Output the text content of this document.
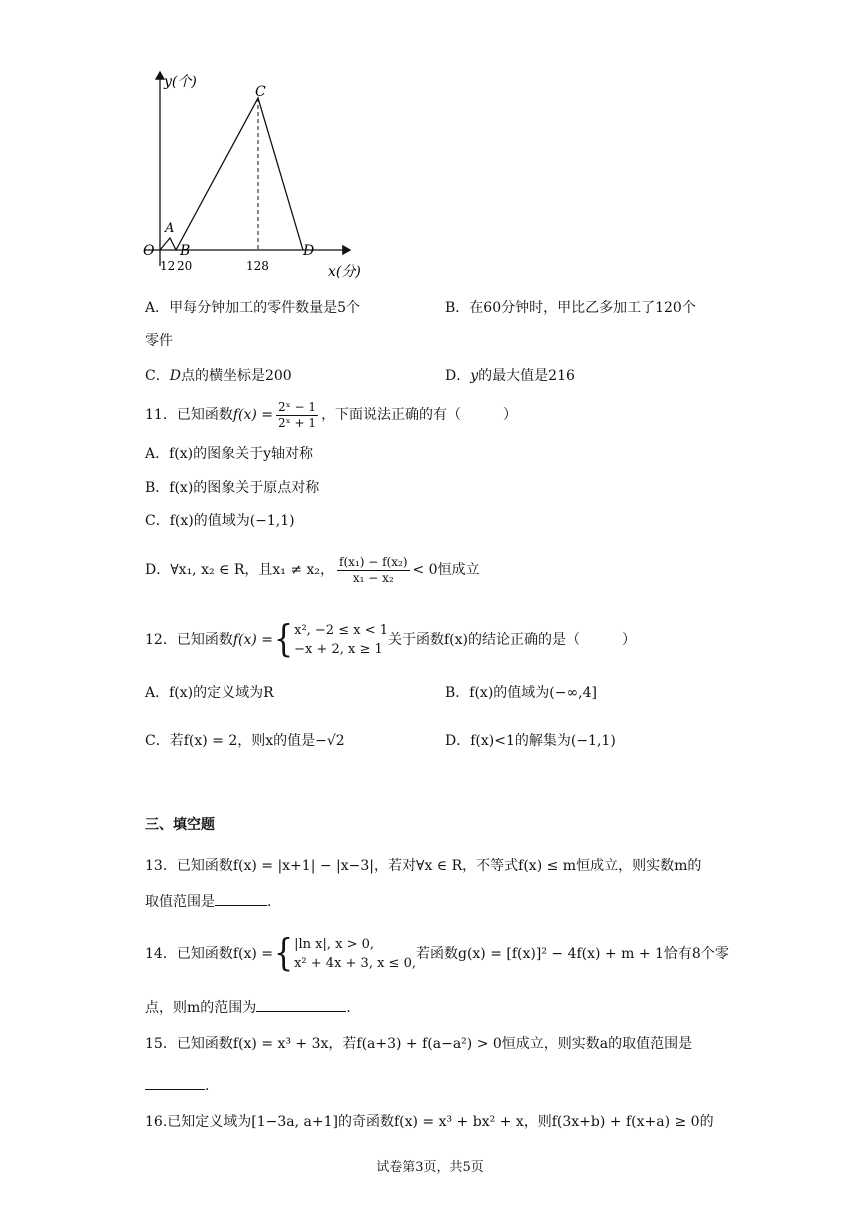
y(个)
x(分)
O
A
B
C
D
12 20	128
A．甲每分钟加工的零件数量是5个	B．在60分钟时，甲比乙多加工了120个
零件
C．D点的横坐标是200	D．y的最大值是216
11．已知函数$f(x) = \frac{\text{2ˣ − 1}}{\text{2ˣ + 1}}$ ，下面说法正确的有（　　　）
A．f(x)的图象关于y轴对称
B．f(x)的图象关于原点对称
C．f(x)的值域为(−1,1)
D．∀x₁, x₂ ∈ R，且x₁ ≠ x₂， $\frac{\text{f(x₁) − f(x₂)}}{\text{x₁ − x₂}} < 0$恒成立
12．已知函数f(x) ={ x², −2 ≤ x < 1
−x + 2, x ≥ 1
关于函数f(x)的结论正确的是（　　　）
A．f(x)的定义域为R	B．f(x)的值域为(−∞,4]
C．若f(x) = 2，则x的值是−√2	D．f(x)<1的解集为(−1,1)
三、填空题
13．已知函数f(x) = |x+1| − |x−3|，若对∀x ∈ R，不等式f(x) ≤ m恒成立，则实数m的
取值范围是	.
14．已知函数f(x) ={ |ln x|, x > 0,
x² + 4x + 3, x ≤ 0,
若函数g(x) = [f(x)]² − 4f(x) + m + 1恰有8个零
点，则m的范围为	.
15．已知函数f(x) = x³ + 3x，若f(a+3) + f(a−a²) > 0恒成立，则实数a的取值范围是
.
16.已知定义域为[1−3a, a+1]的奇函数f(x) = x³ + bx² + x，则f(3x+b) + f(x+a) ≥ 0的
试卷第3页，共5页
